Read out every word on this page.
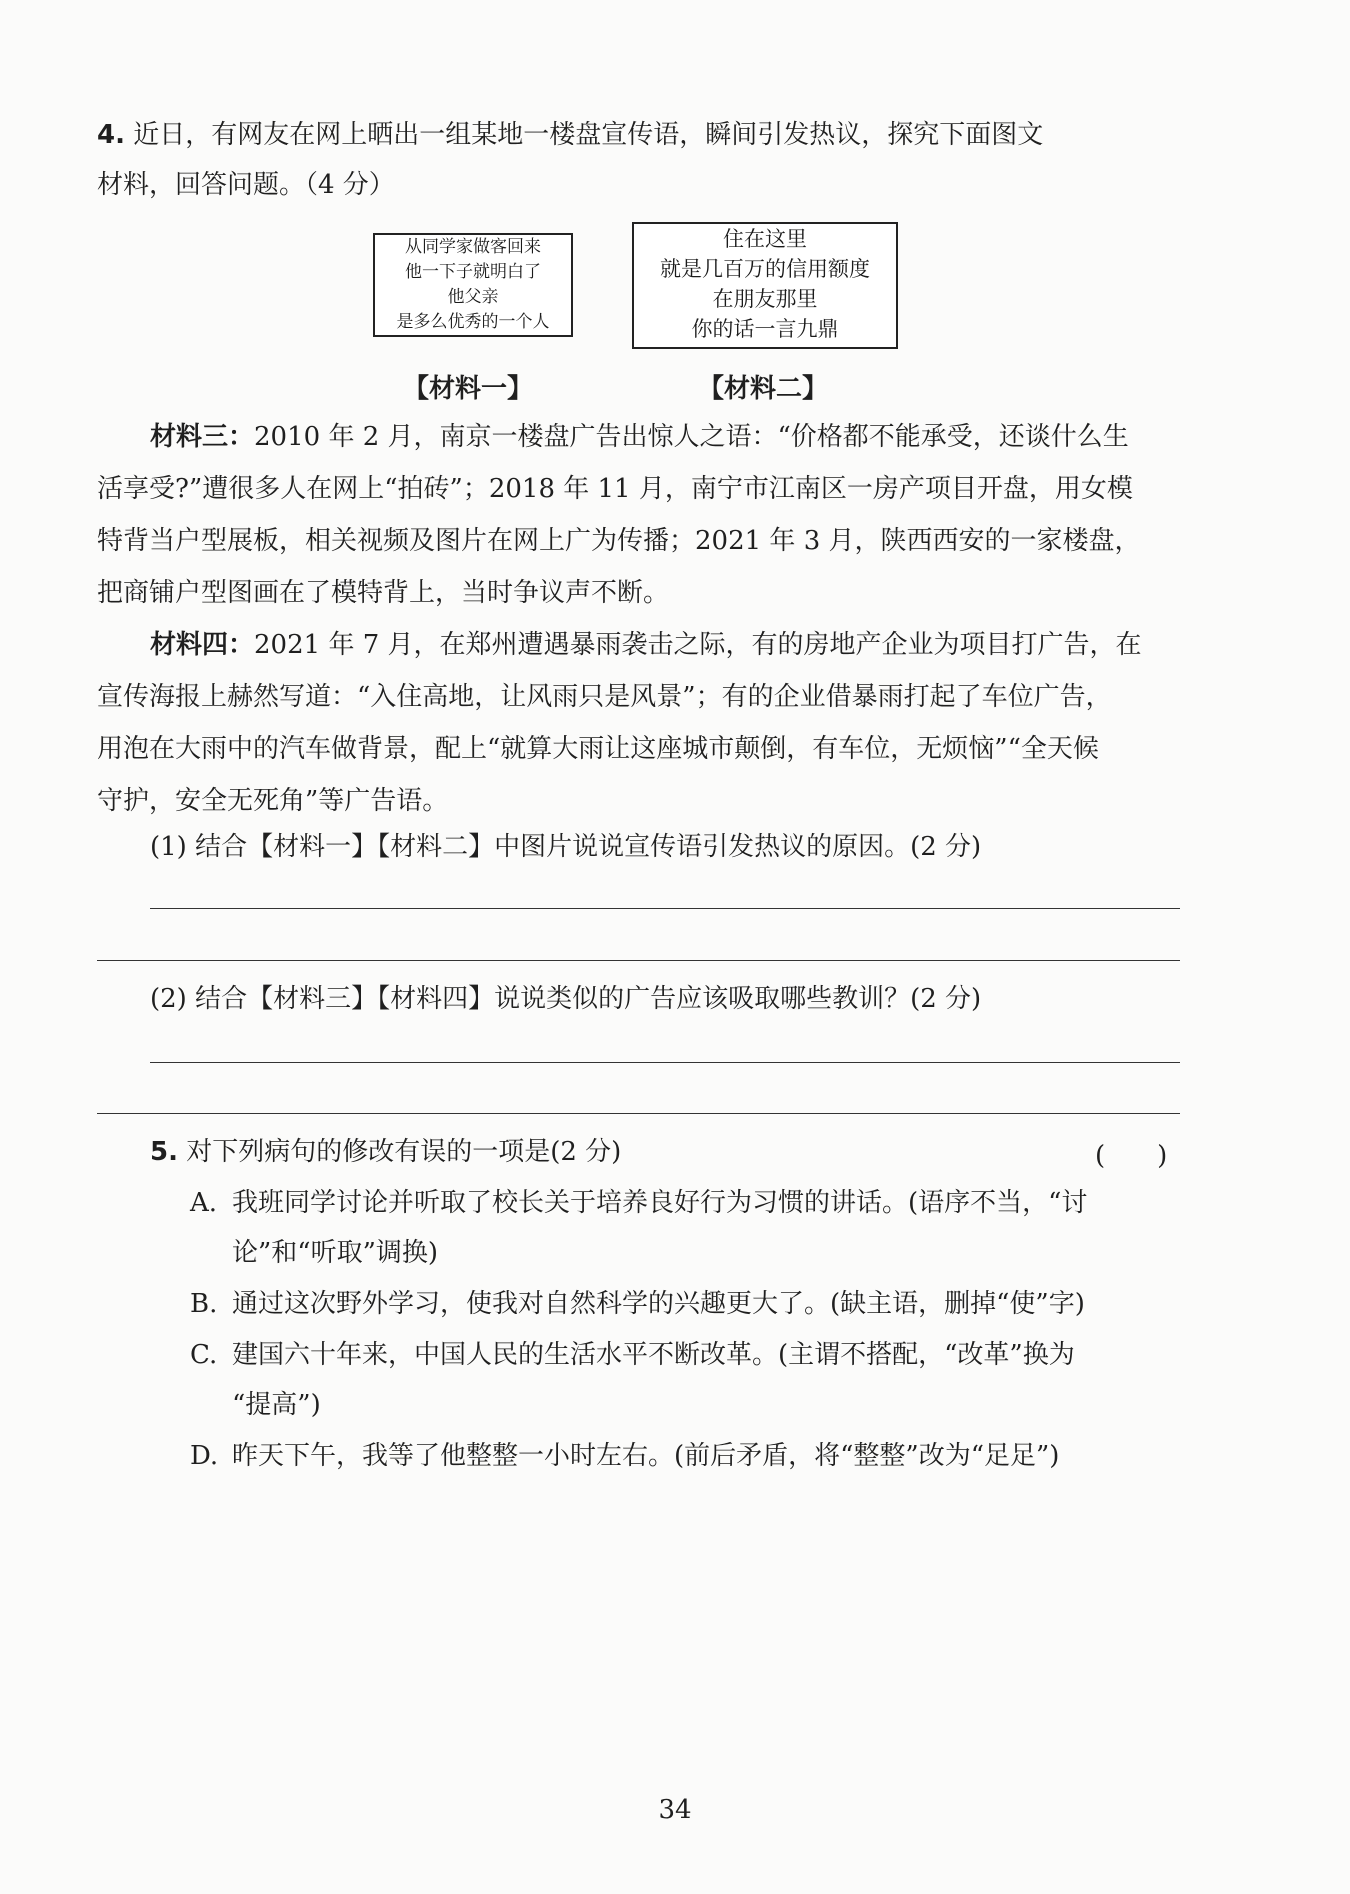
4. 近日，有网友在网上晒出一组某地一楼盘宣传语，瞬间引发热议，探究下面图文
材料，回答问题。（4 分）
从同学家做客回来
他一下子就明白了
他父亲
是多么优秀的一个人
住在这里
就是几百万的信用额度
在朋友那里
你的话一言九鼎
【材料一】	【材料二】
材料三：2010 年 2 月，南京一楼盘广告出惊人之语：“价格都不能承受，还谈什么生
活享受?”遭很多人在网上“拍砖”；2018 年 11 月，南宁市江南区一房产项目开盘，用女模
特背当户型展板，相关视频及图片在网上广为传播；2021 年 3 月，陕西西安的一家楼盘，
把商铺户型图画在了模特背上，当时争议声不断。
材料四：2021 年 7 月，在郑州遭遇暴雨袭击之际，有的房地产企业为项目打广告，在
宣传海报上赫然写道：“入住高地，让风雨只是风景”；有的企业借暴雨打起了车位广告，
用泡在大雨中的汽车做背景，配上“就算大雨让这座城市颠倒，有车位，无烦恼”“全天候
守护，安全无死角”等广告语。
(1) 结合【材料一】【材料二】中图片说说宣传语引发热议的原因。(2 分)
(2) 结合【材料三】【材料四】说说类似的广告应该吸取哪些教训？(2 分)
5. 对下列病句的修改有误的一项是(2 分)	(　　)
A. 我班同学讨论并听取了校长关于培养良好行为习惯的讲话。(语序不当，“讨
论”和“听取”调换)
B. 通过这次野外学习，使我对自然科学的兴趣更大了。(缺主语，删掉“使”字)
C. 建国六十年来，中国人民的生活水平不断改革。(主谓不搭配，“改革”换为
“提高”)
D. 昨天下午，我等了他整整一小时左右。(前后矛盾，将“整整”改为“足足”)
34
